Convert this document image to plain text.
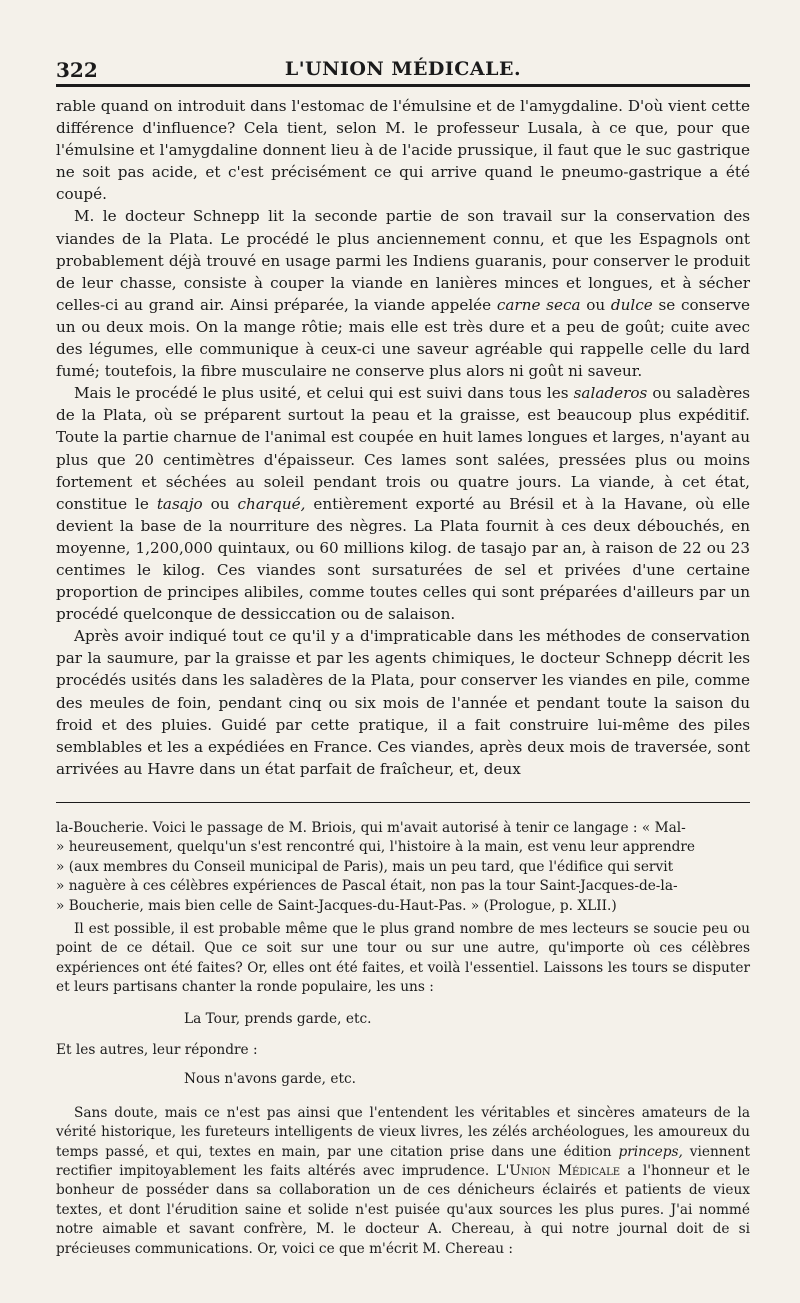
322	L'UNION MÉDICALE.

rable quand on introduit dans l'estomac de l'émulsine et de l'amygdaline. D'où vient cette différence d'influence? Cela tient, selon M. le professeur Lusala, à ce que, pour que l'émulsine et l'amygdaline donnent lieu à de l'acide prussique, il faut que le suc gastrique ne soit pas acide, et c'est précisément ce qui arrive quand le pneumo-gastrique a été coupé.

M. le docteur Schnepp lit la seconde partie de son travail sur la conservation des viandes de la Plata. Le procédé le plus anciennement connu, et que les Espagnols ont probablement déjà trouvé en usage parmi les Indiens guaranis, pour conserver le produit de leur chasse, consiste à couper la viande en lanières minces et longues, et à sécher celles-ci au grand air. Ainsi préparée, la viande appelée carne seca ou dulce se conserve un ou deux mois. On la mange rôtie; mais elle est très dure et a peu de goût; cuite avec des légumes, elle communique à ceux-ci une saveur agréable qui rappelle celle du lard fumé; toutefois, la fibre musculaire ne conserve plus alors ni goût ni saveur.

Mais le procédé le plus usité, et celui qui est suivi dans tous les saladeros ou saladères de la Plata, où se préparent surtout la peau et la graisse, est beaucoup plus expéditif. Toute la partie charnue de l'animal est coupée en huit lames longues et larges, n'ayant au plus que 20 centimètres d'épaisseur. Ces lames sont salées, pressées plus ou moins fortement et séchées au soleil pendant trois ou quatre jours. La viande, à cet état, constitue le tasajo ou charqué, entièrement exporté au Brésil et à la Havane, où elle devient la base de la nourriture des nègres. La Plata fournit à ces deux débouchés, en moyenne, 1,200,000 quintaux, ou 60 millions kilog. de tasajo par an, à raison de 22 ou 23 centimes le kilog. Ces viandes sont sursaturées de sel et privées d'une certaine proportion de principes alibiles, comme toutes celles qui sont préparées d'ailleurs par un procédé quelconque de dessiccation ou de salaison.

Après avoir indiqué tout ce qu'il y a d'impraticable dans les méthodes de conservation par la saumure, par la graisse et par les agents chimiques, le docteur Schnepp décrit les procédés usités dans les saladères de la Plata, pour conserver les viandes en pile, comme des meules de foin, pendant cinq ou six mois de l'année et pendant toute la saison du froid et des pluies. Guidé par cette pratique, il a fait construire lui-même des piles semblables et les a expédiées en France. Ces viandes, après deux mois de traversée, sont arrivées au Havre dans un état parfait de fraîcheur, et, deux

la-Boucherie. Voici le passage de M. Briois, qui m'avait autorisé à tenir ce langage : « Mal-
» heureusement, quelqu'un s'est rencontré qui, l'histoire à la main, est venu leur apprendre
» (aux membres du Conseil municipal de Paris), mais un peu tard, que l'édifice qui servit
» naguère à ces célèbres expériences de Pascal était, non pas la tour Saint-Jacques-de-la-
» Boucherie, mais bien celle de Saint-Jacques-du-Haut-Pas. » (Prologue, p. XLII.)

Il est possible, il est probable même que le plus grand nombre de mes lecteurs se soucie peu ou point de ce détail. Que ce soit sur une tour ou sur une autre, qu'importe où ces célèbres expériences ont été faites? Or, elles ont été faites, et voilà l'essentiel. Laissons les tours se disputer et leurs partisans chanter la ronde populaire, les uns :

La Tour, prends garde, etc.

Et les autres, leur répondre :

Nous n'avons garde, etc.

Sans doute, mais ce n'est pas ainsi que l'entendent les véritables et sincères amateurs de la vérité historique, les fureteurs intelligents de vieux livres, les zélés archéologues, les amoureux du temps passé, et qui, textes en main, par une citation prise dans une édition princeps, viennent rectifier impitoyablement les faits altérés avec imprudence. L'Union Médicale a l'honneur et le bonheur de posséder dans sa collaboration un de ces dénicheurs éclairés et patients de vieux textes, et dont l'érudition saine et solide n'est puisée qu'aux sources les plus pures. J'ai nommé notre aimable et savant confrère, M. le docteur A. Chereau, à qui notre journal doit de si précieuses communications. Or, voici ce que m'écrit M. Chereau :
